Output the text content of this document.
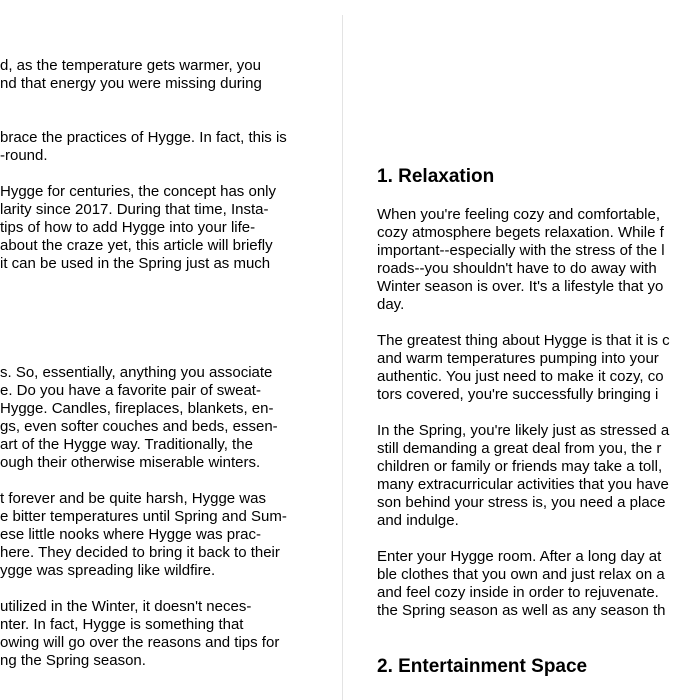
d, as the temperature gets warmer, you

nd that energy you were missing during

brace the practices of Hygge. In fact, this is

-round.

Hygge for centuries, the concept has only

larity since 2017. During that time, Insta-

tips of how to add Hygge into your life-

about the craze yet, this article will briefly

it can be used in the Spring just as much

s. So, essentially, anything you associate

e. Do you have a favorite pair of sweat-

Hygge. Candles, fireplaces, blankets, en-

gs, even softer couches and beds, essen-

art of the Hygge way. Traditionally, the

ough their otherwise miserable winters.

t forever and be quite harsh, Hygge was

e bitter temperatures until Spring and Sum-

ese little nooks where Hygge was prac-

here. They decided to bring it back to their

ygge was spreading like wildfire.

utilized in the Winter, it doesn't neces-

nter. In fact, Hygge is something that

owing will go over the reasons and tips for

ng the Spring season.

1. Relaxation

When you're feeling cozy and comfortable,

cozy atmosphere begets relaxation. While f

important--especially with the stress of the l

roads--you shouldn't have to do away with

Winter season is over. It's a lifestyle that yo

day.

The greatest thing about Hygge is that it is c

and warm temperatures pumping into your

authentic. You just need to make it cozy, co

tors covered, you're successfully bringing i

In the Spring, you're likely just as stressed a

still demanding a great deal from you, the r

children or family or friends may take a toll,

many extracurricular activities that you have

son behind your stress is, you need a place

and indulge.

Enter your Hygge room. After a long day at

ble clothes that you own and just relax on a

and feel cozy inside in order to rejuvenate.

the Spring season as well as any season th

2. Entertainment Space
